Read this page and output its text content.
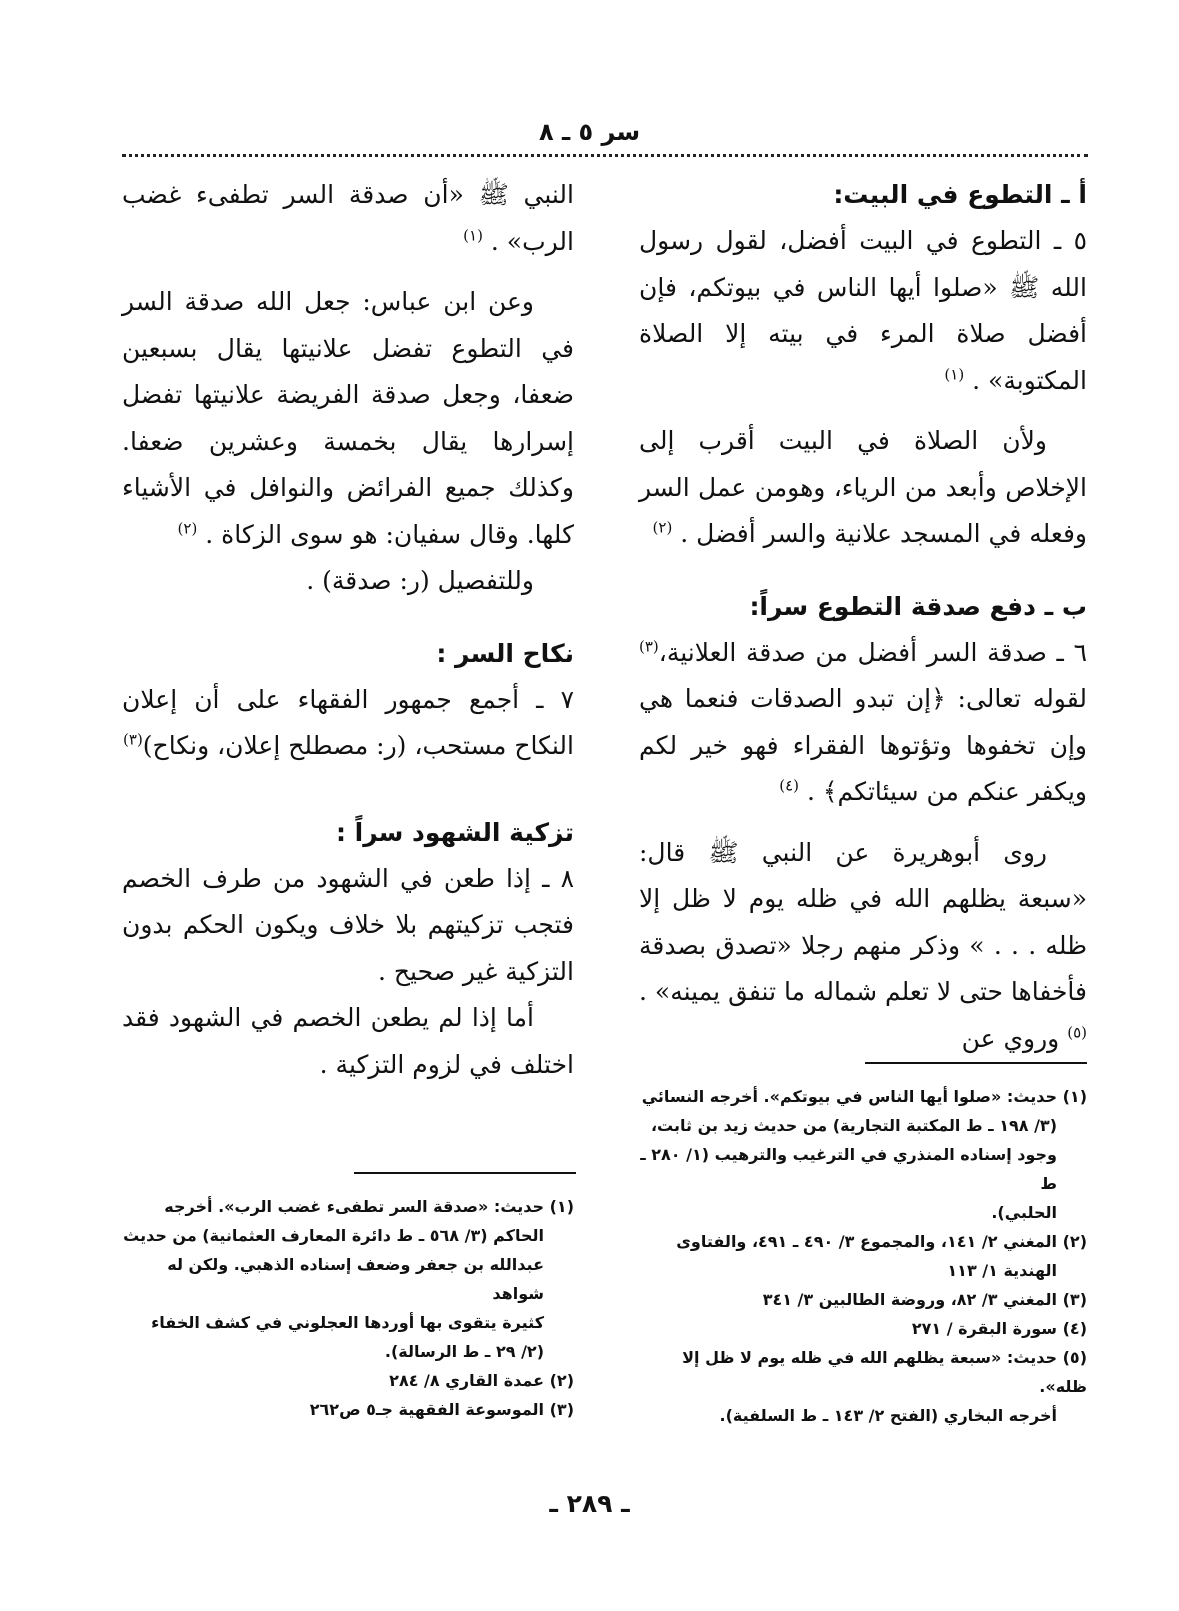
سر ٥ ـ ٨

أ ـ التطوع في البيت:

٥ ـ التطوع في البيت أفضل، لقول رسول الله ﷺ «صلوا أيها الناس في بيوتكم، فإن أفضل صلاة المرء في بيته إلا الصلاة المكتوبة» . $^{(١)}$

ولأن الصلاة في البيت أقرب إلى الإخلاص وأبعد من الرياء، وهومن عمل السر وفعله في المسجد علانية والسر أفضل . $^{(٢)}$

ب ـ دفع صدقة التطوع سراً:

٦ ـ صدقة السر أفضل من صدقة العلانية،$^{(٣)}$ لقوله تعالى: ﴿إن تبدو الصدقات فنعما هي وإن تخفوها وتؤتوها الفقراء فهو خير لكم ويكفر عنكم من سيئاتكم﴾ . $^{(٤)}$

روى أبوهريرة عن النبي ﷺ قال: «سبعة يظلهم الله في ظله يوم لا ظل إلا ظله . . . » وذكر منهم رجلا «تصدق بصدقة فأخفاها حتى لا تعلم شماله ما تنفق يمينه» . $^{(٥)}$ وروي عن

النبي ﷺ «أن صدقة السر تطفىء غضب الرب» . $^{(١)}$

وعن ابن عباس: جعل الله صدقة السر في التطوع تفضل علانيتها يقال بسبعين ضعفا، وجعل صدقة الفريضة علانيتها تفضل إسرارها يقال بخمسة وعشرين ضعفا. وكذلك جميع الفرائض والنوافل في الأشياء كلها. وقال سفيان: هو سوى الزكاة . $^{(٢)}$

وللتفصيل (ر: صدقة) .

نكاح السر :

٧ ـ أجمع جمهور الفقهاء على أن إعلان النكاح مستحب، (ر: مصطلح إعلان، ونكاح)$^{(٣)}$

تزكية الشهود سراً :

٨ ـ إذا طعن في الشهود من طرف الخصم فتجب تزكيتهم بلا خلاف ويكون الحكم بدون التزكية غير صحيح .

أما إذا لم يطعن الخصم في الشهود فقد اختلف في لزوم التزكية .

(١) حديث: «صلوا أيها الناس في بيوتكم». أخرجه النسائي

(٣/ ١٩٨ ـ ط المكتبة التجارية) من حديث زيد بن ثابت،

وجود إسناده المنذري في الترغيب والترهيب (١/ ٢٨٠ ـ ط

الحلبي).

(٢) المغني ٢/ ١٤١، والمجموع ٣/ ٤٩٠ ـ ٤٩١، والفتاوى

الهندية ١/ ١١٣

(٣) المغني ٣/ ٨٢، وروضة الطالبين ٣/ ٣٤١

(٤) سورة البقرة / ٢٧١

(٥) حديث: «سبعة يظلهم الله في ظله يوم لا ظل إلا ظله».

أخرجه البخاري (الفتح ٢/ ١٤٣ ـ ط السلفية).

(١) حديث: «صدقة السر تطفىء غضب الرب». أخرجه

الحاكم (٣/ ٥٦٨ ـ ط دائرة المعارف العثمانية) من حديث

عبدالله بن جعفر وضعف إسناده الذهبي. ولكن له شواهد

كثيرة يتقوى بها أوردها العجلوني في كشف الخفاء

(٢/ ٢٩ ـ ط الرسالة).

(٢) عمدة القاري ٨/ ٢٨٤

(٣) الموسوعة الفقهية جـ٥ ص٢٦٢

ـ ٢٨٩ ـ
